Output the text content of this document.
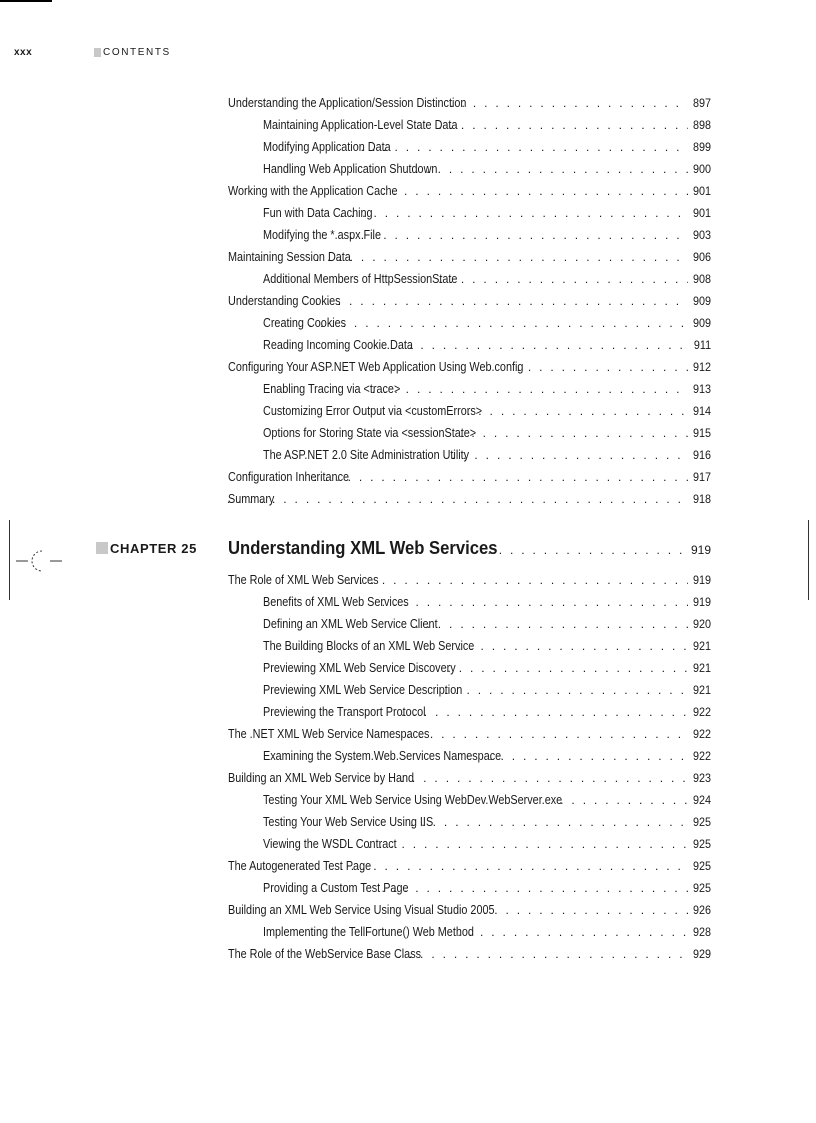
xxx	CONTENTS
Understanding the Application/Session Distinction . . .	897
Maintaining Application-Level State Data . . .	898
Modifying Application Data . . .	899
Handling Web Application Shutdown . . .	900
Working with the Application Cache . . .	901
Fun with Data Caching . . .	901
Modifying the *.aspx File . . .	903
Maintaining Session Data . . .	906
Additional Members of HttpSessionState . . .	908
Understanding Cookies . . .	909
Creating Cookies . . .	909
Reading Incoming Cookie Data . . .	911
Configuring Your ASP.NET Web Application Using Web.config . . .	912
Enabling Tracing via <trace> . . .	913
Customizing Error Output via <customErrors> . . .	914
Options for Storing State via <sessionState> . . .	915
The ASP.NET 2.0 Site Administration Utility . . .	916
Configuration Inheritance . . .	917
Summary . . .	918
CHAPTER 25 Understanding XML Web Services . . .	919
The Role of XML Web Services . . .	919
Benefits of XML Web Services . . .	919
Defining an XML Web Service Client . . .	920
The Building Blocks of an XML Web Service . . .	921
Previewing XML Web Service Discovery . . .	921
Previewing XML Web Service Description . . .	921
Previewing the Transport Protocol . . .	922
The .NET XML Web Service Namespaces . . .	922
Examining the System.Web.Services Namespace . . .	922
Building an XML Web Service by Hand . . .	923
Testing Your XML Web Service Using WebDev.WebServer.exe . . .	924
Testing Your Web Service Using IIS . . .	925
Viewing the WSDL Contract . . .	925
The Autogenerated Test Page . . .	925
Providing a Custom Test Page . . .	925
Building an XML Web Service Using Visual Studio 2005 . . .	926
Implementing the TellFortune() Web Method . . .	928
The Role of the WebService Base Class . . .	929
